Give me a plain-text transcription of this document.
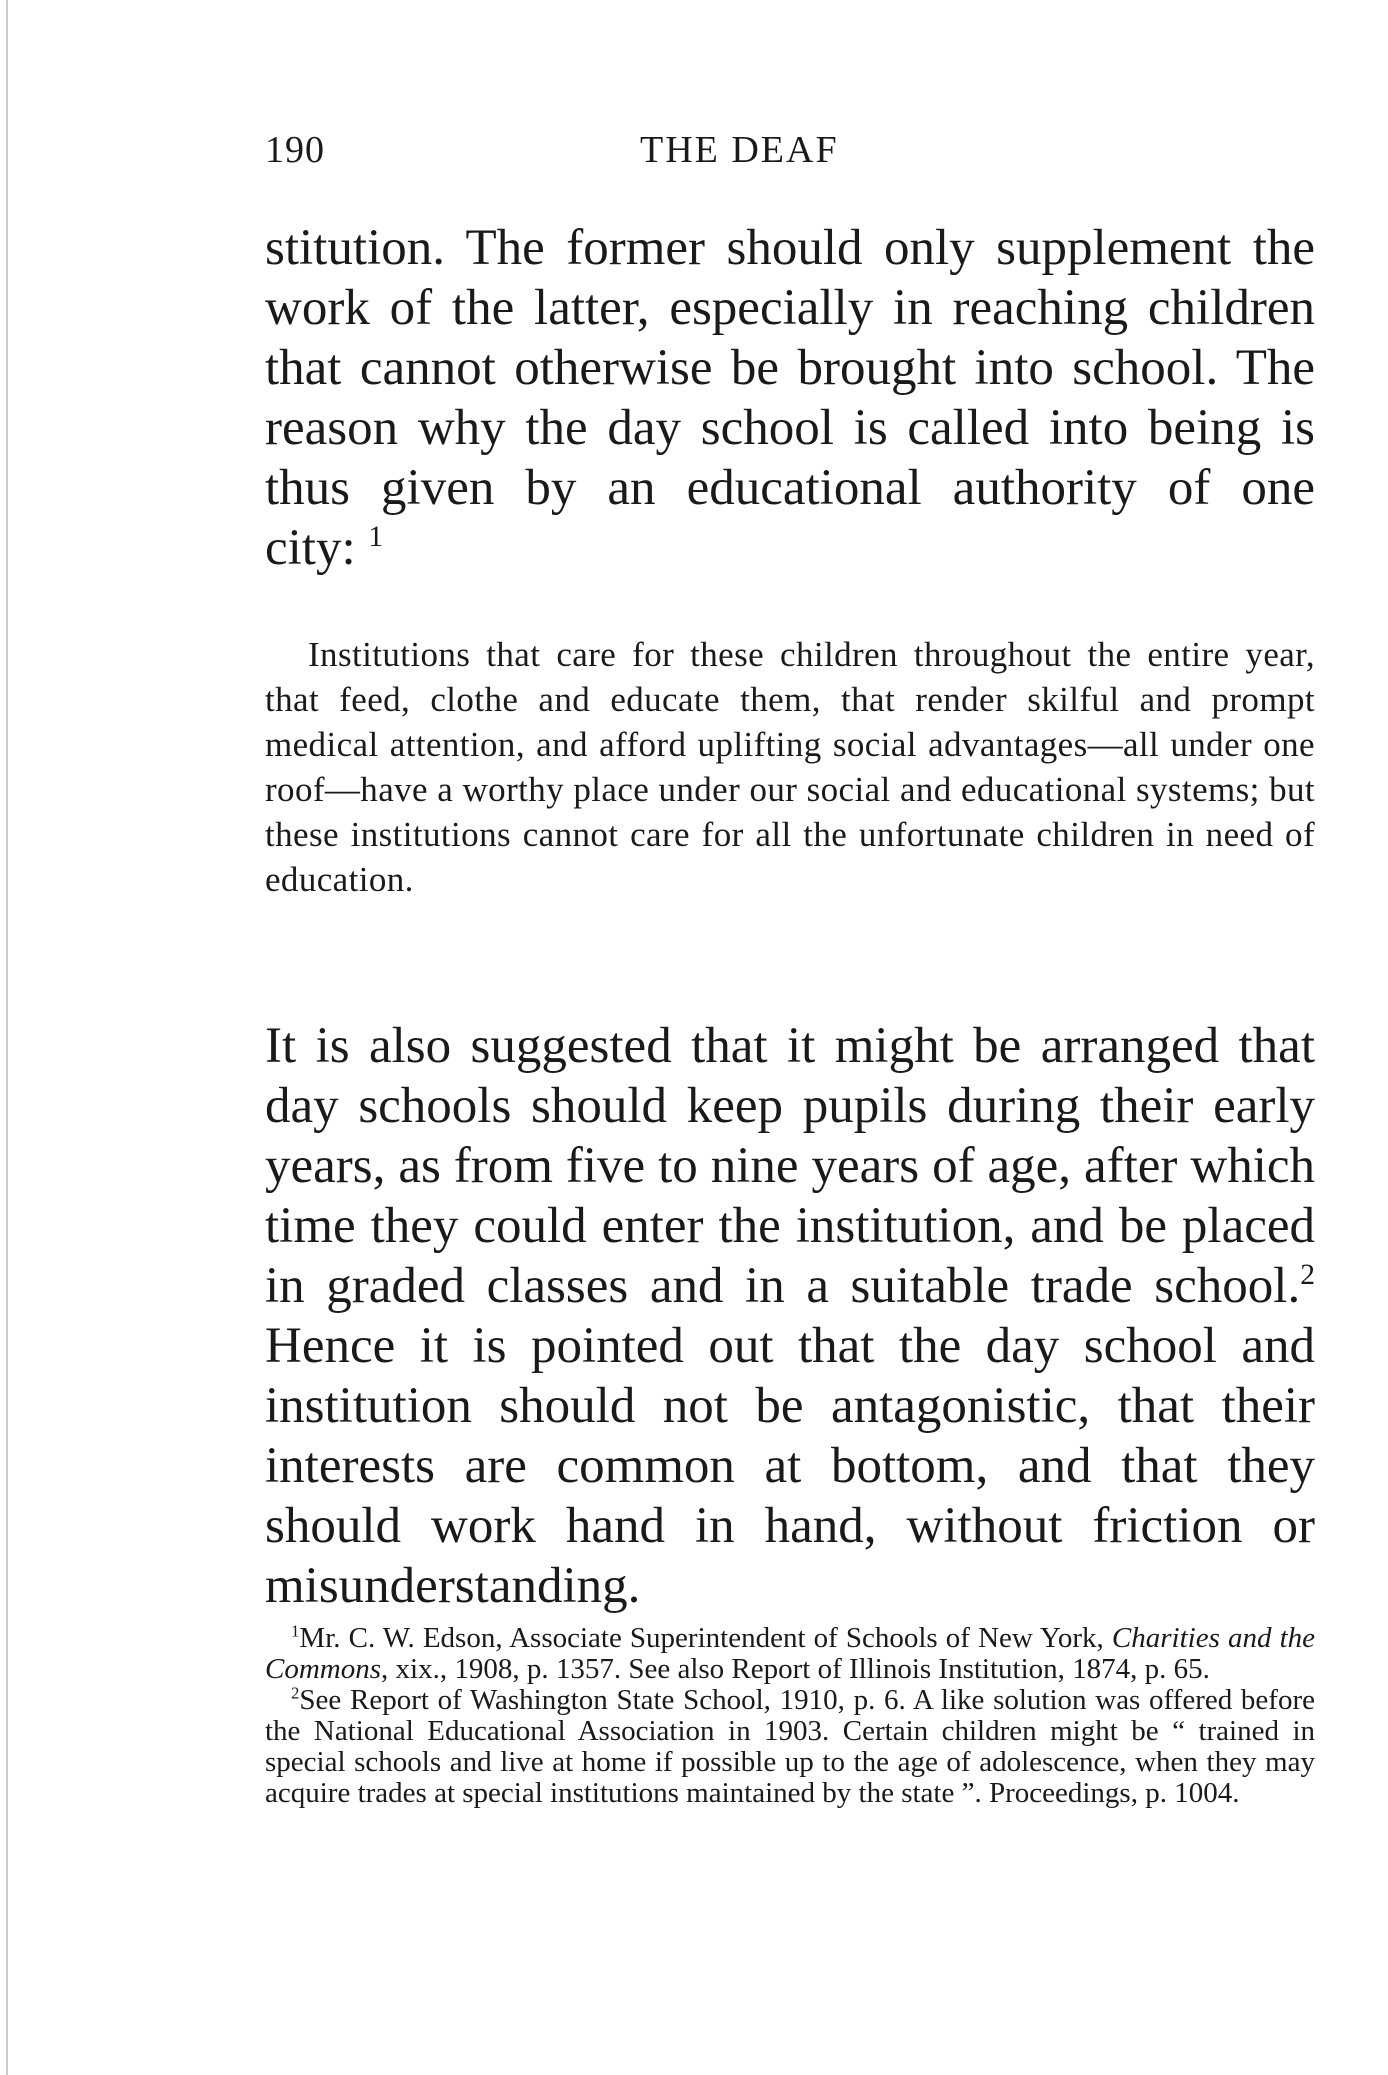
190	THE DEAF

stitution. The former should only supplement the work of the latter, especially in reaching children that cannot otherwise be brought into school. The reason why the day school is called into being is thus given by an educational authority of one city: $^1$

Institutions that care for these children throughout the entire year, that feed, clothe and educate them, that render skilful and prompt medical attention, and afford uplifting social advantages—all under one roof—have a worthy place under our social and educational systems; but these institutions cannot care for all the unfortunate children in need of education.

It is also suggested that it might be arranged that day schools should keep pupils during their early years, as from five to nine years of age, after which time they could enter the institution, and be placed in graded classes and in a suitable trade school.$^2$ Hence it is pointed out that the day school and institution should not be antagonistic, that their interests are common at bottom, and that they should work hand in hand, without friction or misunderstanding.

$^1$Mr. C. W. Edson, Associate Superintendent of Schools of New York, Charities and the Commons, xix., 1908, p. 1357. See also Report of Illinois Institution, 1874, p. 65.

$^2$See Report of Washington State School, 1910, p. 6. A like solution was offered before the National Educational Association in 1903. Certain children might be “ trained in special schools and live at home if possible up to the age of adolescence, when they may acquire trades at special institutions maintained by the state ”. Proceedings, p. 1004.
